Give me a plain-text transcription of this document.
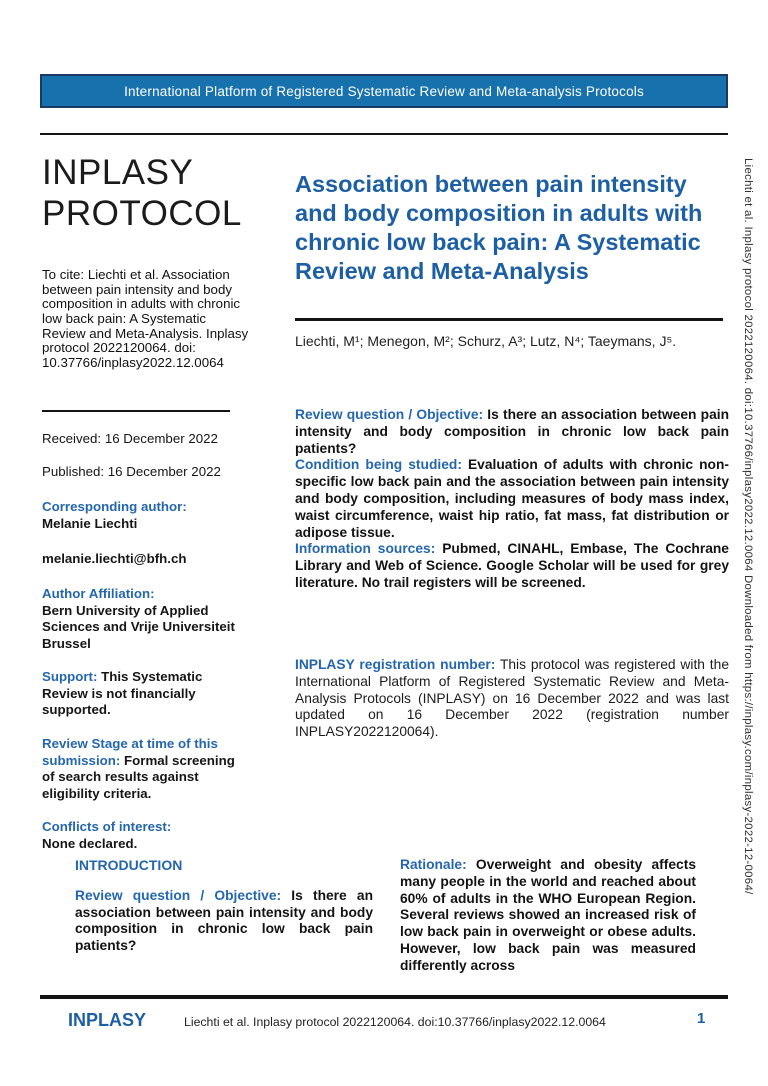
International Platform of Registered Systematic Review and Meta-analysis Protocols
INPLASY
PROTOCOL

To cite: Liechti et al. Association between pain intensity and body composition in adults with chronic low back pain: A Systematic Review and Meta-Analysis. Inplasy protocol 2022120064. doi: 10.37766/inplasy2022.12.0064

Received: 16 December 2022

Published: 16 December 2022

Corresponding author:
Melanie Liechti

melanie.liechti@bfh.ch

Author Affiliation:
Bern University of Applied Sciences and Vrije Universiteit Brussel

Support: This Systematic Review is not financially supported.

Review Stage at time of this submission: Formal screening of search results against eligibility criteria.

Conflicts of interest:
None declared.

Association between pain intensity and body composition in adults with chronic low back pain: A Systematic Review and Meta-Analysis
Liechti, M¹; Menegon, M²; Schurz, A³; Lutz, N⁴; Taeymans, J⁵.

Review question / Objective: Is there an association between pain intensity and body composition in chronic low back pain patients?

Condition being studied: Evaluation of adults with chronic non-specific low back pain and the association between pain intensity and body composition, including measures of body mass index, waist circumference, waist hip ratio, fat mass, fat distribution or adipose tissue.

Information sources: Pubmed, CINAHL, Embase, The Cochrane Library and Web of Science. Google Scholar will be used for grey literature. No trail registers will be screened.

INPLASY registration number: This protocol was registered with the International Platform of Registered Systematic Review and Meta-Analysis Protocols (INPLASY) on 16 December 2022 and was last updated on 16 December 2022 (registration number INPLASY2022120064).

INTRODUCTION

Review question / Objective: Is there an association between pain intensity and body composition in chronic low back pain patients?

Rationale: Overweight and obesity affects many people in the world and reached about 60% of adults in the WHO European Region. Several reviews showed an increased risk of low back pain in overweight or obese adults. However, low back pain was measured differently across

INPLASY	Liechti et al. Inplasy protocol 2022120064. doi:10.37766/inplasy2022.12.0064	1
Liechti et al. Inplasy protocol 2022120064. doi:10.37766/inplasy2022.12.0064 Downloaded from https://inplasy.com/inplasy-2022-12-0064/
